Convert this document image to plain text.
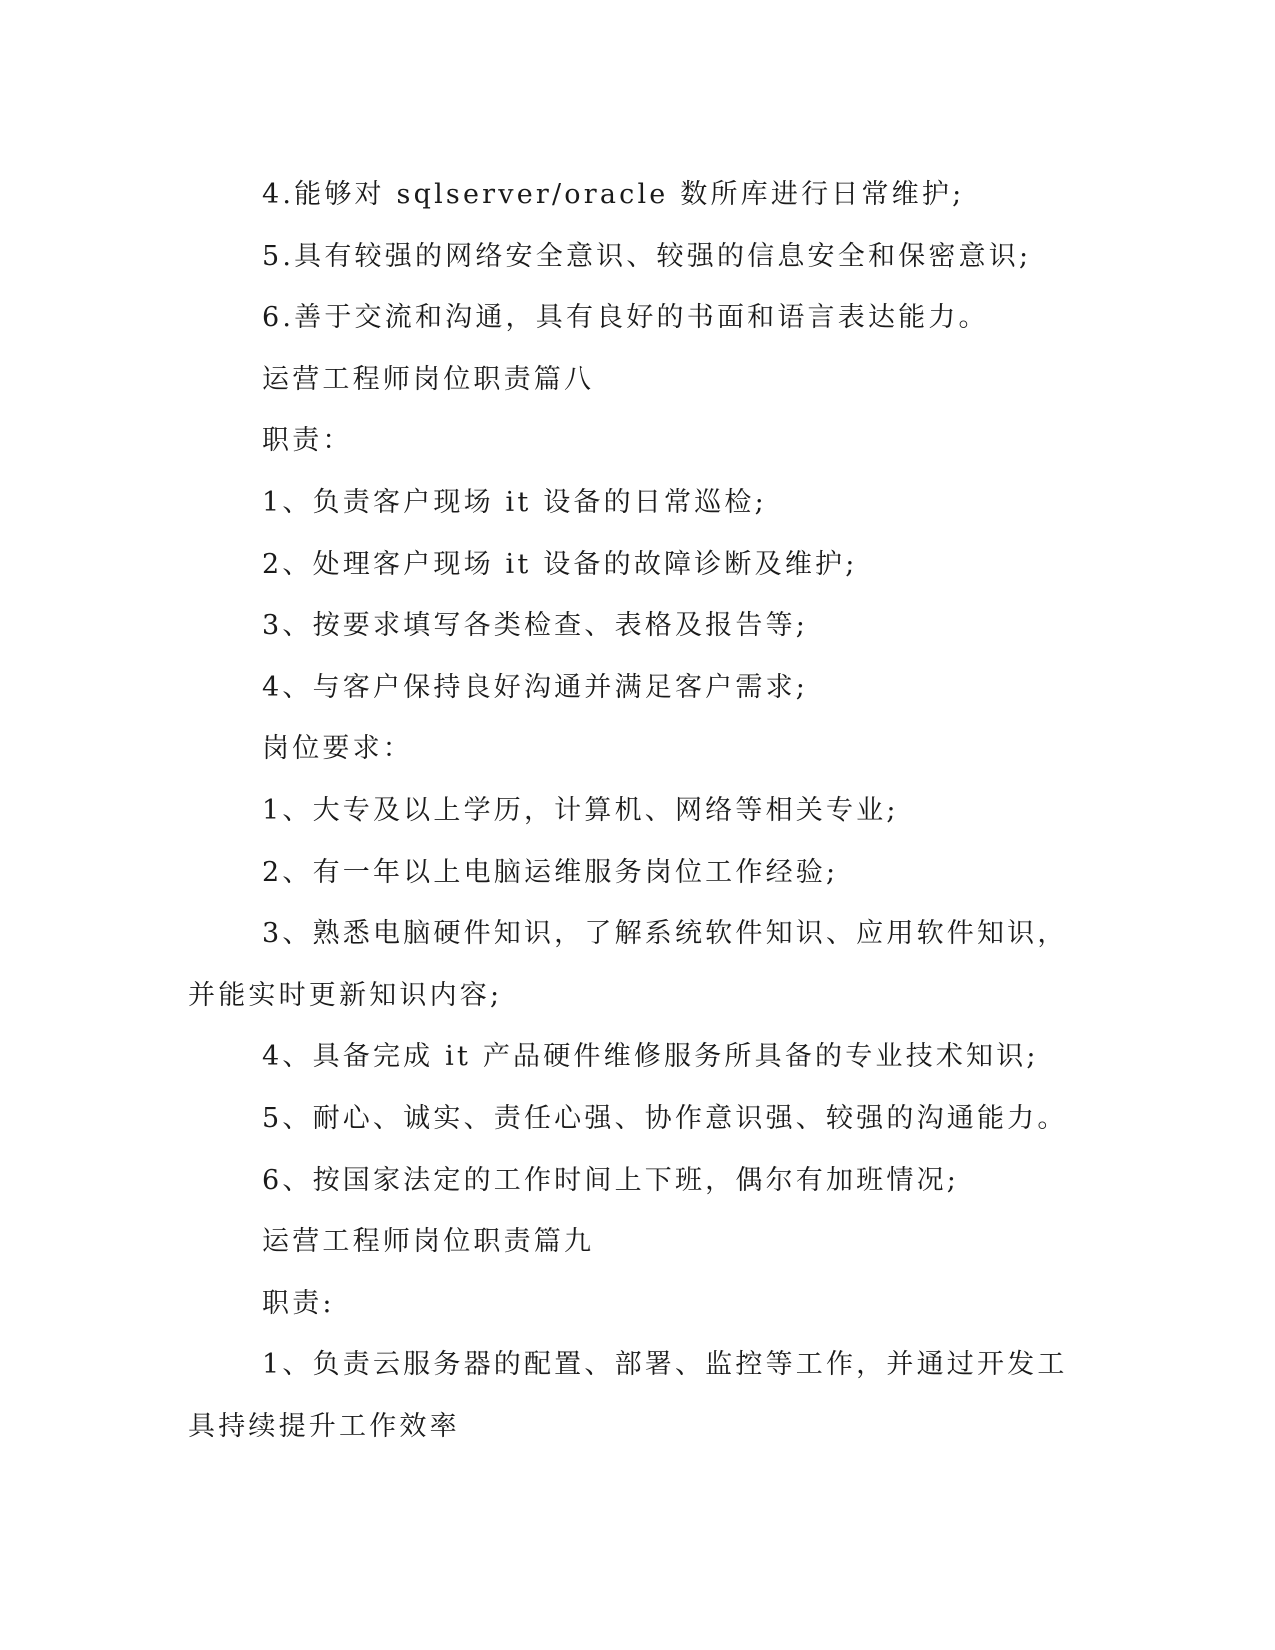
4.能够对 sqlserver/oracle 数所库进行日常维护;

5.具有较强的网络安全意识、较强的信息安全和保密意识;

6.善于交流和沟通，具有良好的书面和语言表达能力。

运营工程师岗位职责篇八

职责：

1、负责客户现场 it 设备的日常巡检;

2、处理客户现场 it 设备的故障诊断及维护;

3、按要求填写各类检查、表格及报告等;

4、与客户保持良好沟通并满足客户需求;

岗位要求：

1、大专及以上学历，计算机、网络等相关专业;

2、有一年以上电脑运维服务岗位工作经验;

3、熟悉电脑硬件知识，了解系统软件知识、应用软件知识，并能实时更新知识内容;

4、具备完成 it 产品硬件维修服务所具备的专业技术知识;

5、耐心、诚实、责任心强、协作意识强、较强的沟通能力。

6、按国家法定的工作时间上下班，偶尔有加班情况;

运营工程师岗位职责篇九

职责:

1、负责云服务器的配置、部署、监控等工作，并通过开发工具持续提升工作效率
